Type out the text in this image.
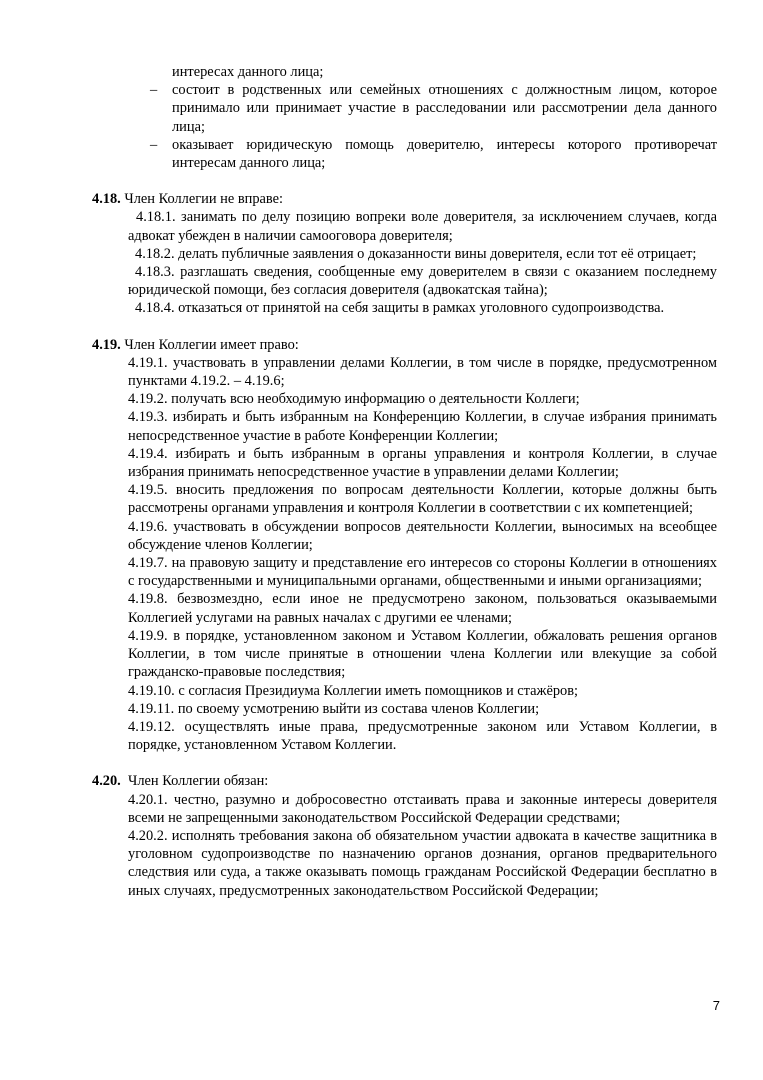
интересах данного лица;

– состоит в родственных или семейных отношениях с должностным лицом, которое принимало или принимает участие в расследовании или рассмотрении дела данного лица;

– оказывает юридическую помощь доверителю, интересы которого противоречат интересам данного лица;

4.18. Член Коллегии не вправе:

4.18.1. занимать по делу позицию вопреки воле доверителя, за исключением случаев, когда адвокат убежден в наличии самооговора доверителя;

4.18.2. делать публичные заявления о доказанности вины доверителя, если тот её отрицает;

4.18.3. разглашать сведения, сообщенные ему доверителем в связи с оказанием последнему юридической помощи, без согласия доверителя (адвокатская тайна);

4.18.4. отказаться от принятой на себя защиты в рамках уголовного судопроизводства.

4.19. Член Коллегии имеет право:

4.19.1. участвовать в управлении делами Коллегии, в том числе в порядке, предусмотренном пунктами 4.19.2. – 4.19.6;

4.19.2. получать всю необходимую информацию о деятельности Коллеги;

4.19.3. избирать и быть избранным на Конференцию Коллегии, в случае избрания принимать непосредственное участие в работе Конференции Коллегии;

4.19.4. избирать и быть избранным в органы управления и контроля Коллегии, в случае избрания принимать непосредственное участие в управлении делами Коллегии;

4.19.5. вносить предложения по вопросам деятельности Коллегии, которые должны быть рассмотрены органами управления и контроля Коллегии в соответствии с их компетенцией;

4.19.6. участвовать в обсуждении вопросов деятельности Коллегии, выносимых на всеобщее обсуждение членов Коллегии;

4.19.7. на правовую защиту и представление его интересов со стороны Коллегии в отношениях с государственными и муниципальными органами, общественными и иными организациями;

4.19.8. безвозмездно, если иное не предусмотрено законом, пользоваться оказываемыми Коллегией услугами на равных началах с другими ее членами;

4.19.9. в порядке, установленном законом и Уставом Коллегии, обжаловать решения органов Коллегии, в том числе принятые в отношении члена Коллегии или влекущие за собой гражданско-правовые последствия;

4.19.10. с согласия Президиума Коллегии иметь помощников и стажёров;

4.19.11. по своему усмотрению выйти из состава членов Коллегии;

4.19.12. осуществлять иные права, предусмотренные законом или Уставом Коллегии, в порядке, установленном Уставом Коллегии.

4.20.  Член Коллегии обязан:

4.20.1. честно, разумно и добросовестно отстаивать права и законные интересы доверителя всеми не запрещенными законодательством Российской Федерации средствами;

4.20.2. исполнять требования закона об обязательном участии адвоката в качестве защитника в уголовном судопроизводстве по назначению органов дознания, органов предварительного следствия или суда, а также оказывать помощь гражданам Российской Федерации бесплатно в иных случаях, предусмотренных законодательством Российской Федерации;

7
